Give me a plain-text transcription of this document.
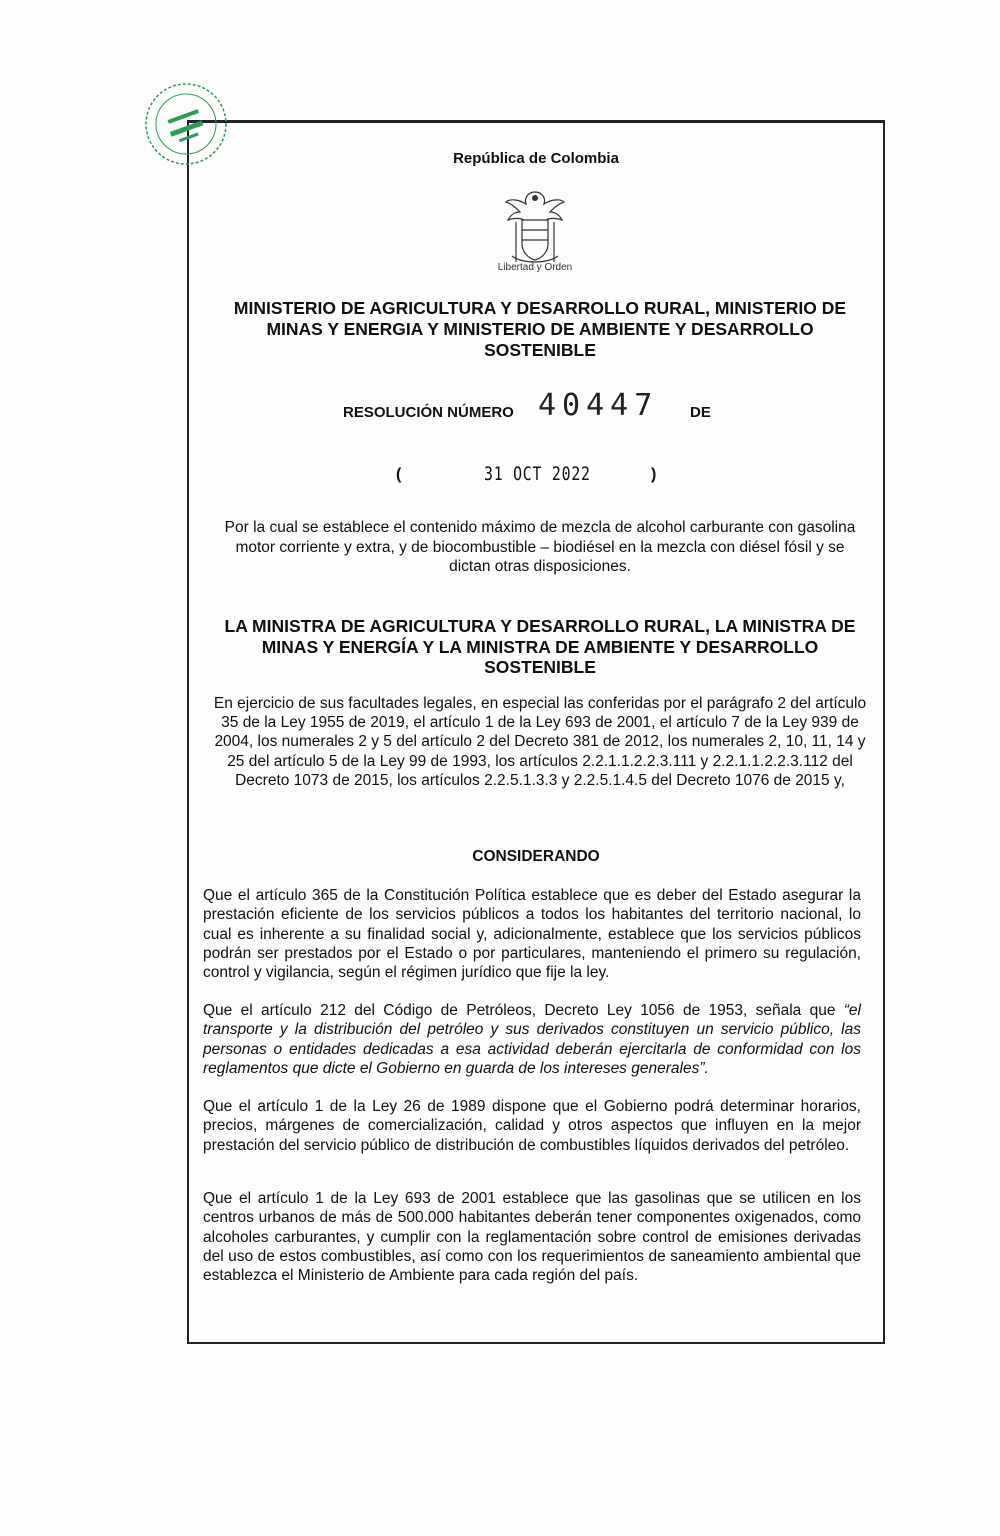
República de Colombia
Libertad y Orden
MINISTERIO DE AGRICULTURA Y DESARROLLO RURAL, MINISTERIO DE MINAS Y ENERGIA Y MINISTERIO DE AMBIENTE Y DESARROLLO SOSTENIBLE
RESOLUCIÓN NÚMERO 40447 DE
(	31 OCT 2022	)
Por la cual se establece el contenido máximo de mezcla de alcohol carburante con gasolina motor corriente y extra, y de biocombustible – biodiésel en la mezcla con diésel fósil y se dictan otras disposiciones.
LA MINISTRA DE AGRICULTURA Y DESARROLLO RURAL, LA MINISTRA DE MINAS Y ENERGÍA Y LA MINISTRA DE AMBIENTE Y DESARROLLO SOSTENIBLE
En ejercicio de sus facultades legales, en especial las conferidas por el parágrafo 2 del artículo 35 de la Ley 1955 de 2019, el artículo 1 de la Ley 693 de 2001, el artículo 7 de la Ley 939 de 2004, los numerales 2 y 5 del artículo 2 del Decreto 381 de 2012, los numerales 2, 10, 11, 14 y 25 del artículo 5 de la Ley 99 de 1993, los artículos 2.2.1.1.2.2.3.111 y 2.2.1.1.2.2.3.112 del Decreto 1073 de 2015, los artículos 2.2.5.1.3.3 y 2.2.5.1.4.5 del Decreto 1076 de 2015 y,
CONSIDERANDO
Que el artículo 365 de la Constitución Política establece que es deber del Estado asegurar la prestación eficiente de los servicios públicos a todos los habitantes del territorio nacional, lo cual es inherente a su finalidad social y, adicionalmente, establece que los servicios públicos podrán ser prestados por el Estado o por particulares, manteniendo el primero su regulación, control y vigilancia, según el régimen jurídico que fije la ley.
Que el artículo 212 del Código de Petróleos, Decreto Ley 1056 de 1953, señala que “el transporte y la distribución del petróleo y sus derivados constituyen un servicio público, las personas o entidades dedicadas a esa actividad deberán ejercitarla de conformidad con los reglamentos que dicte el Gobierno en guarda de los intereses generales”.
Que el artículo 1 de la Ley 26 de 1989 dispone que el Gobierno podrá determinar horarios, precios, márgenes de comercialización, calidad y otros aspectos que influyen en la mejor prestación del servicio público de distribución de combustibles líquidos derivados del petróleo.
Que el artículo 1 de la Ley 693 de 2001 establece que las gasolinas que se utilicen en los centros urbanos de más de 500.000 habitantes deberán tener componentes oxigenados, como alcoholes carburantes, y cumplir con la reglamentación sobre control de emisiones derivadas del uso de estos combustibles, así como con los requerimientos de saneamiento ambiental que establezca el Ministerio de Ambiente para cada región del país.
